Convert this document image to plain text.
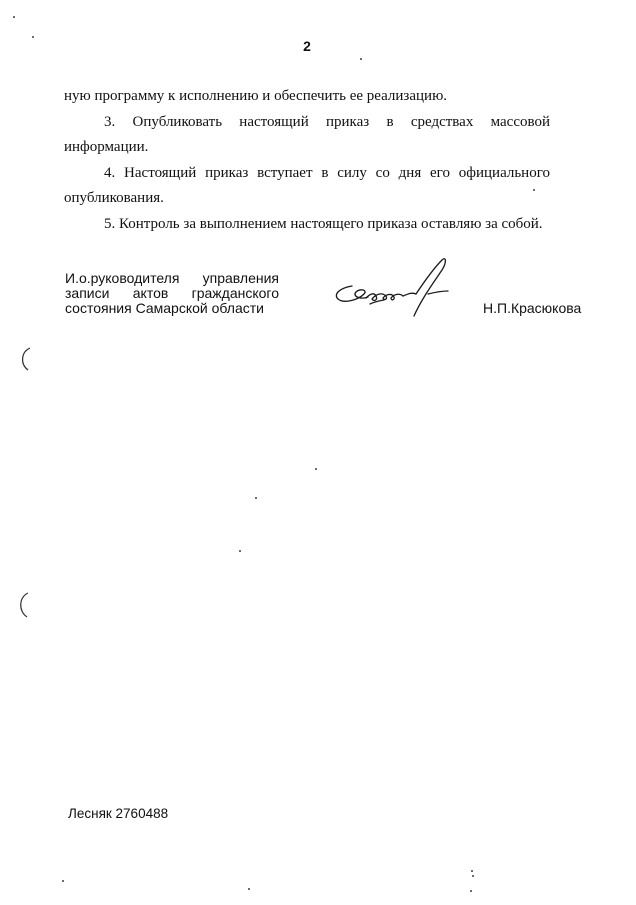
2

ную программу к исполнению и обеспечить ее реализацию.

3. Опубликовать настоящий приказ в средствах массовой информации.

4. Настоящий приказ вступает в силу со дня его официального опубликования.

5. Контроль за выполнением настоящего приказа оставляю за собой.

И.о.руководителя управления
записи актов гражданского
состояния Самарской области	Н.П.Красюкова
Лесняк 2760488
